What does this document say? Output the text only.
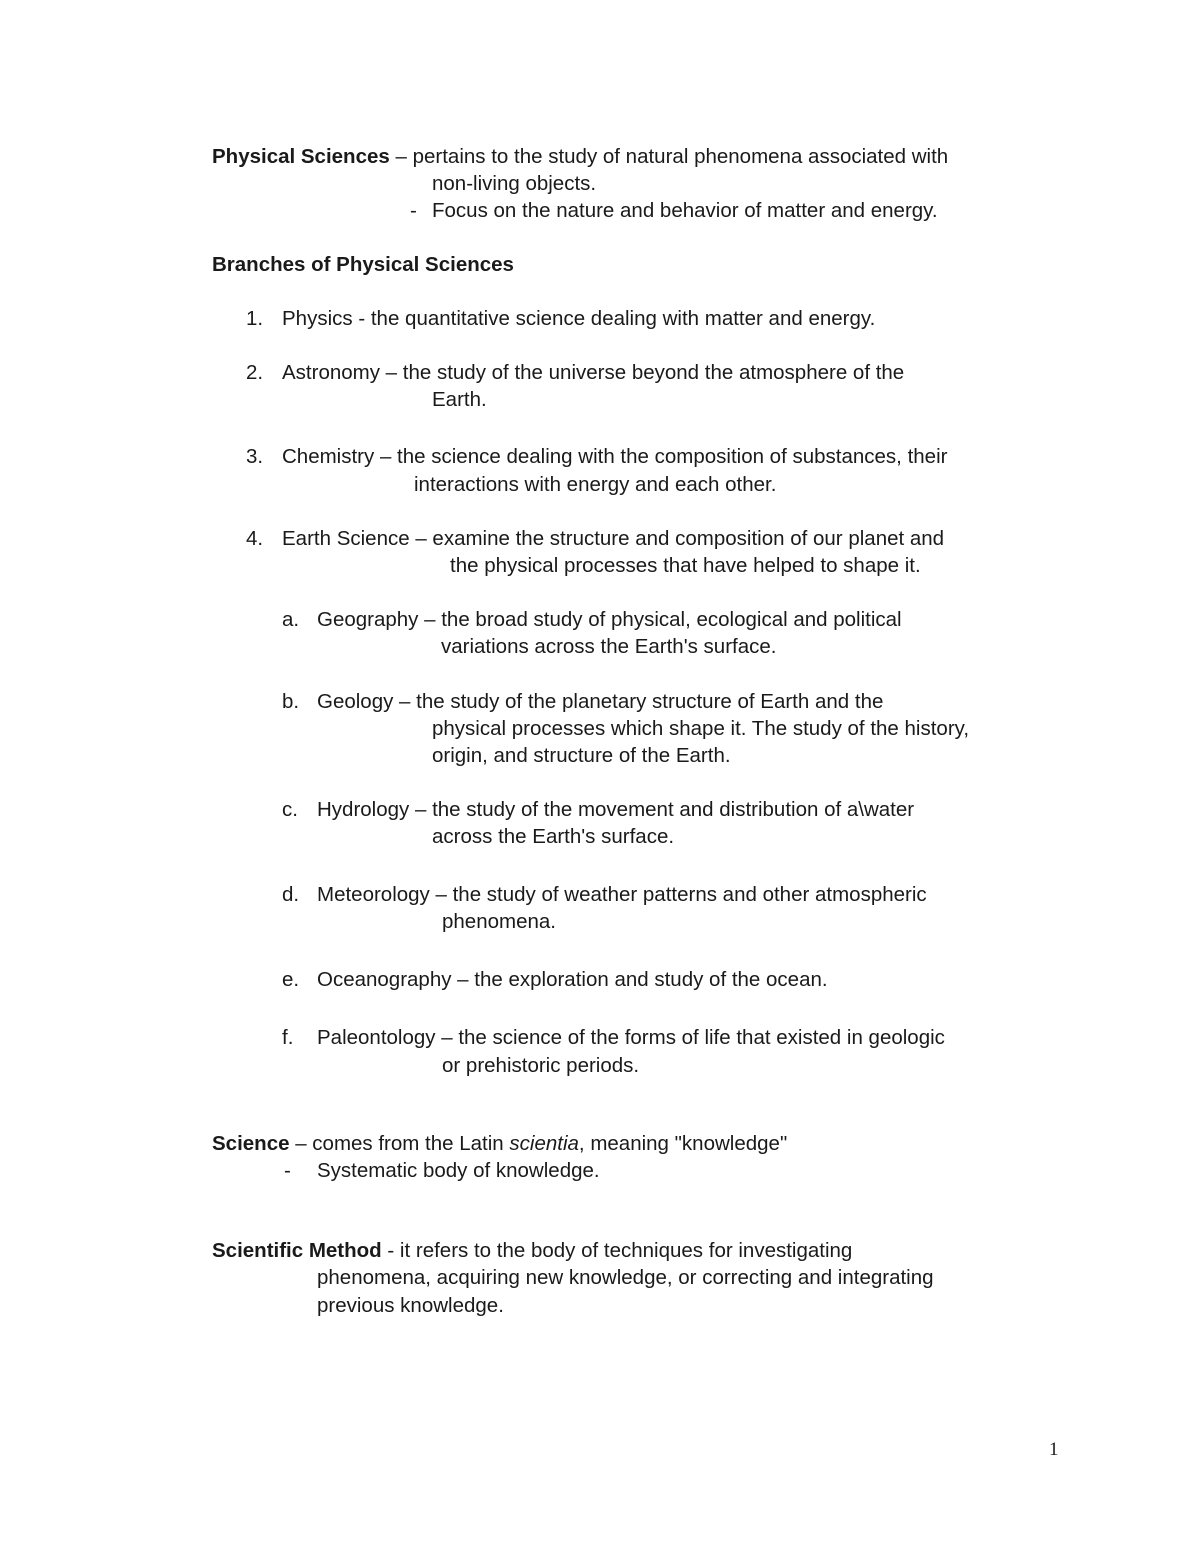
Physical Sciences – pertains to the study of natural phenomena associated with
non-living objects.
- Focus on the nature and behavior of matter and energy.
Branches of Physical Sciences
1. Physics - the quantitative science dealing with matter and energy.
2. Astronomy – the study of the universe beyond the atmosphere of the
Earth.
3. Chemistry – the science dealing with the composition of substances, their
interactions with energy and each other.
4. Earth Science – examine the structure and composition of our planet and
the physical processes that have helped to shape it.
a. Geography – the broad study of physical, ecological and political
variations across the Earth's surface.
b. Geology – the study of the planetary structure of Earth and the
physical processes which shape it. The study of the history,
origin, and structure of the Earth.
c. Hydrology – the study of the movement and distribution of a\water
across the Earth's surface.
d. Meteorology – the study of weather patterns and other atmospheric
phenomena.
e. Oceanography – the exploration and study of the ocean.
f. Paleontology – the science of the forms of life that existed in geologic
or prehistoric periods.
Science – comes from the Latin scientia, meaning "knowledge"
- Systematic body of knowledge.
Scientific Method - it refers to the body of techniques for investigating
phenomena, acquiring new knowledge, or correcting and integrating
previous knowledge.
1
